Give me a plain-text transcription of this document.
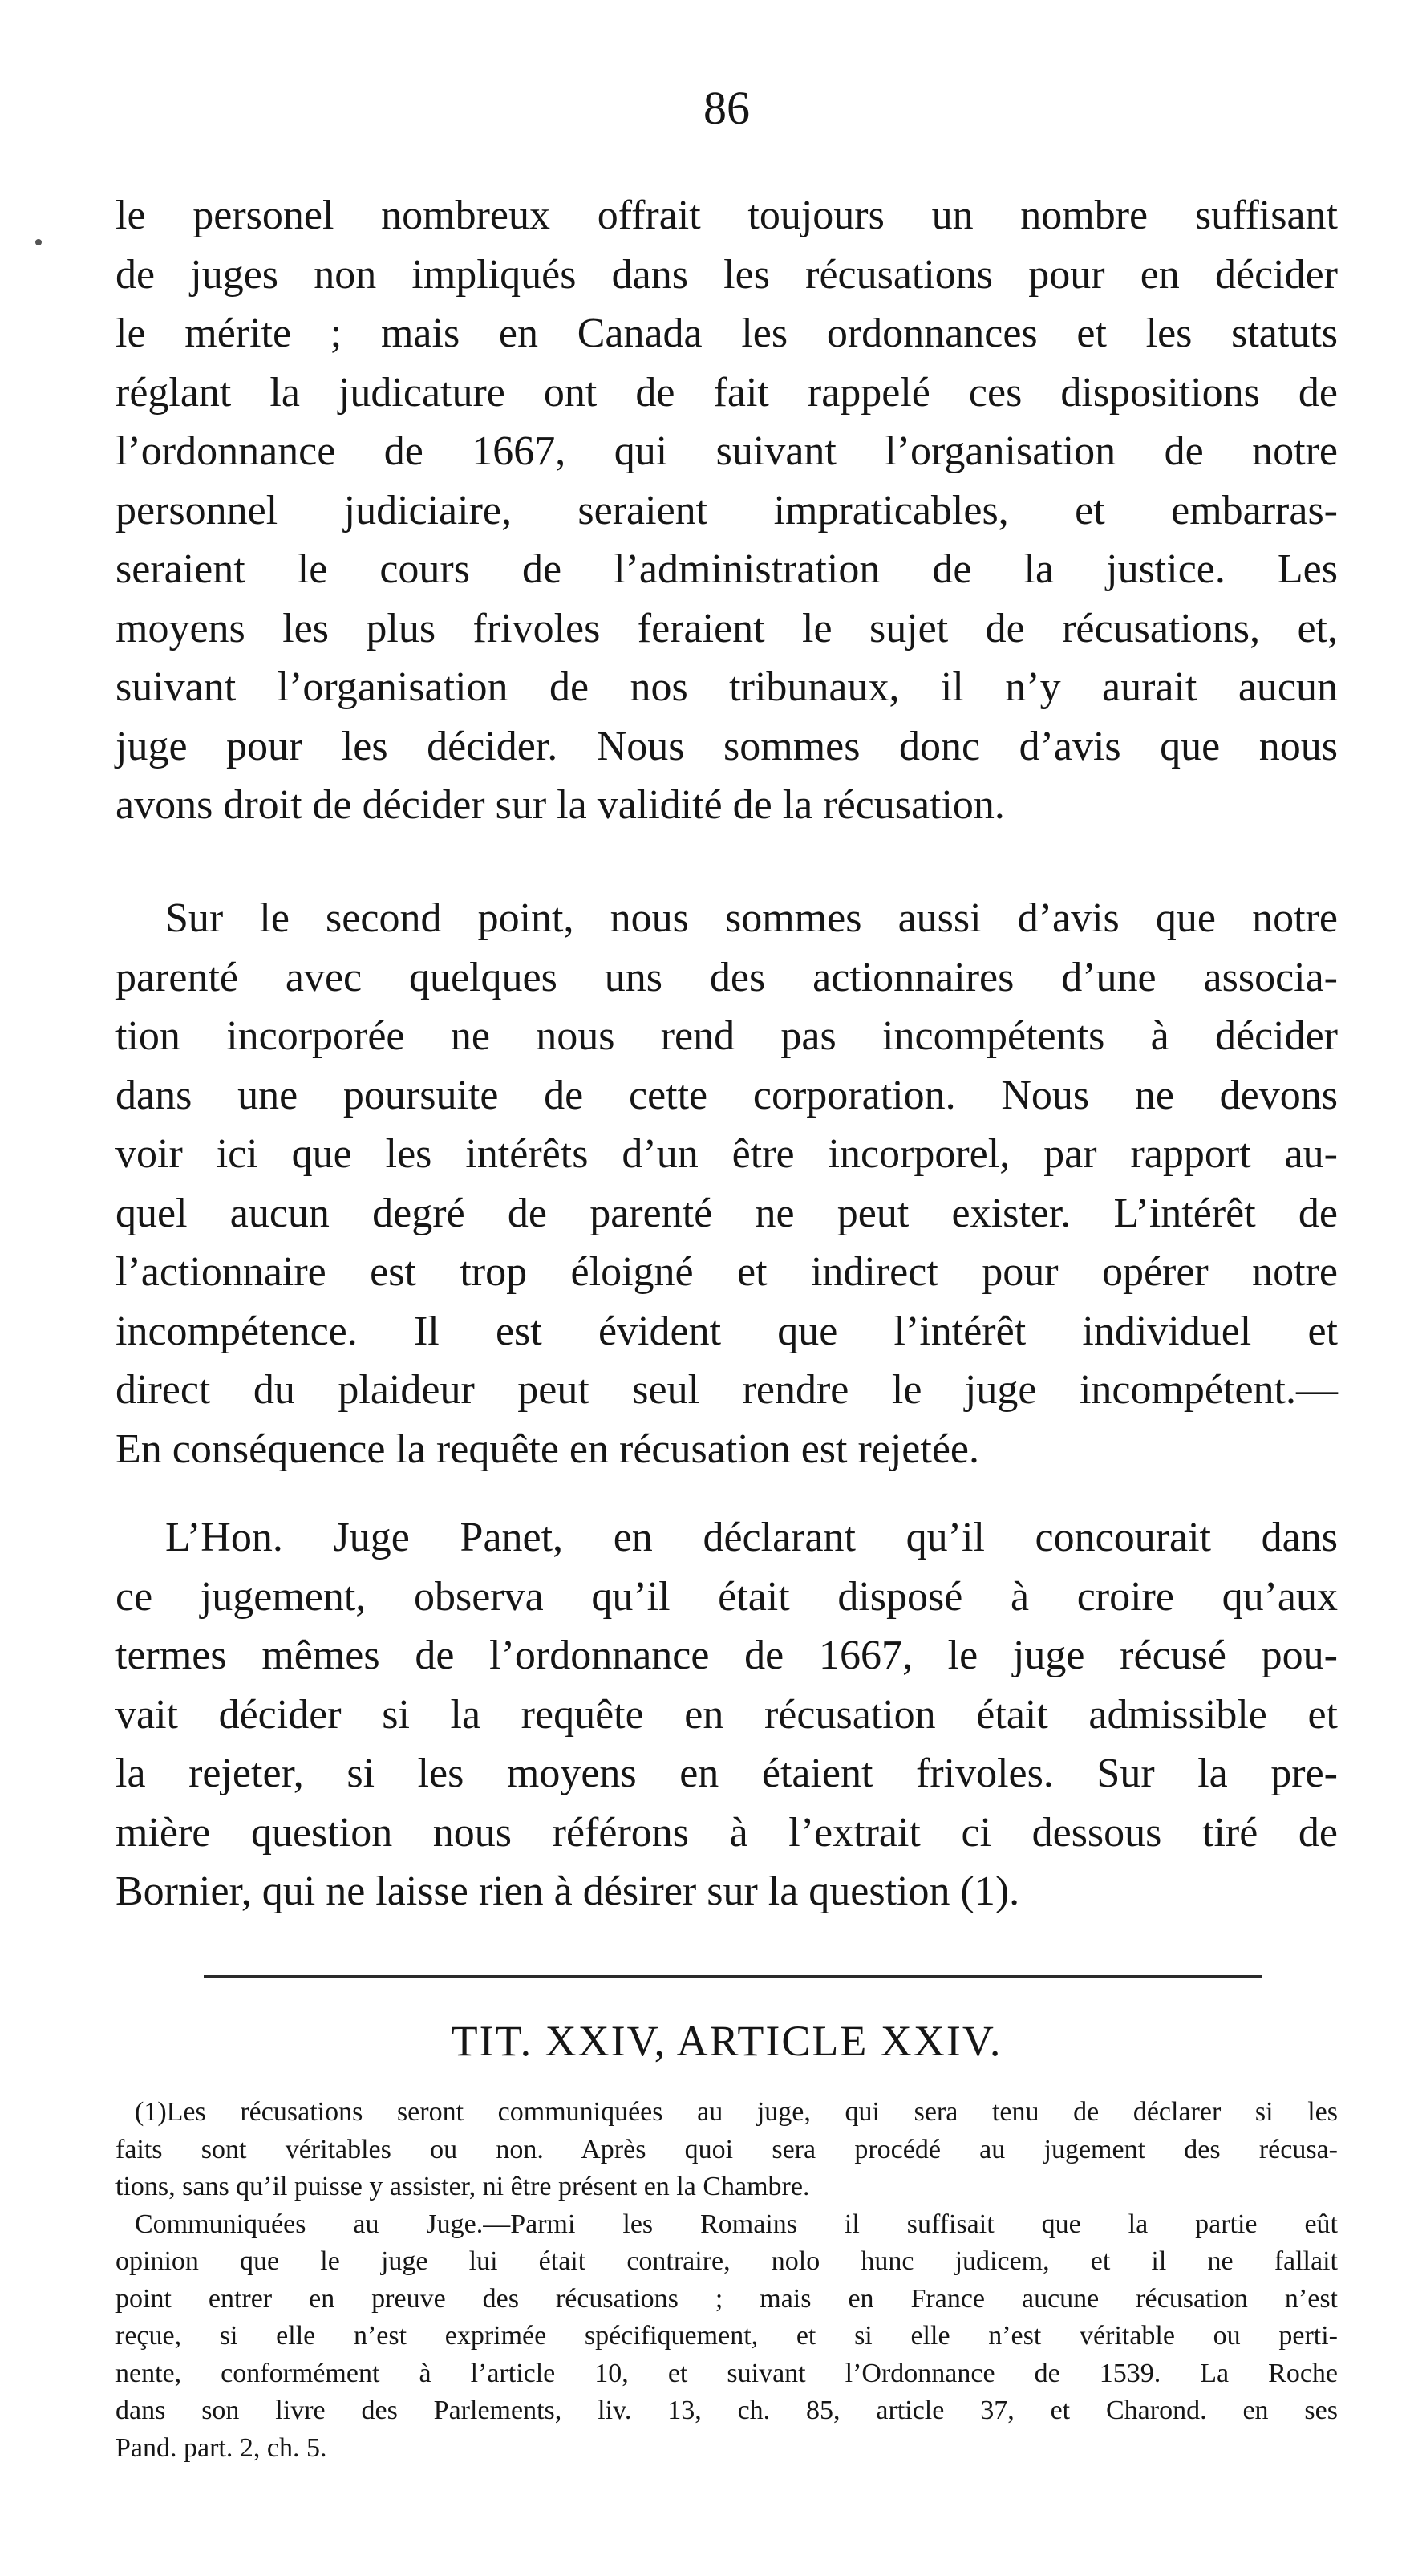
86
le personel nombreux offrait toujours un nombre suffisant
de juges non impliqués dans les récusations pour en décider
le mérite ; mais en Canada les ordonnances et les statuts
réglant la judicature ont de fait rappelé ces dispositions de
l’ordonnance de 1667, qui suivant l’organisation de notre
personnel judiciaire, seraient impraticables, et embarras-
seraient le cours de l’administration de la justice. Les
moyens les plus frivoles feraient le sujet de récusations, et,
suivant l’organisation de nos tribunaux, il n’y aurait aucun
juge pour les décider. Nous sommes donc d’avis que nous
avons droit de décider sur la validité de la récusation.
Sur le second point, nous sommes aussi d’avis que notre
parenté avec quelques uns des actionnaires d’une associa-
tion incorporée ne nous rend pas incompétents à décider
dans une poursuite de cette corporation. Nous ne devons
voir ici que les intérêts d’un être incorporel, par rapport au-
quel aucun degré de parenté ne peut exister. L’intérêt de
l’actionnaire est trop éloigné et indirect pour opérer notre
incompétence. Il est évident que l’intérêt individuel et
direct du plaideur peut seul rendre le juge incompétent.—
En conséquence la requête en récusation est rejetée.
L’Hon. Juge Panet, en déclarant qu’il concourait dans
ce jugement, observa qu’il était disposé à croire qu’aux
termes mêmes de l’ordonnance de 1667, le juge récusé pou-
vait décider si la requête en récusation était admissible et
la rejeter, si les moyens en étaient frivoles. Sur la pre-
mière question nous référons à l’extrait ci dessous tiré de
Bornier, qui ne laisse rien à désirer sur la question (1).
TIT. XXIV, ARTICLE XXIV.
(1)Les récusations seront communiquées au juge, qui sera tenu de déclarer si les
faits sont véritables ou non. Après quoi sera procédé au jugement des récusa-
tions, sans qu’il puisse y assister, ni être présent en la Chambre.
Communiquées au Juge.—Parmi les Romains il suffisait que la partie eût
opinion que le juge lui était contraire, nolo hunc judicem, et il ne fallait
point entrer en preuve des récusations ; mais en France aucune récusation n’est
reçue, si elle n’est exprimée spécifiquement, et si elle n’est véritable ou perti-
nente, conformément à l’article 10, et suivant l’Ordonnance de 1539. La Roche
dans son livre des Parlements, liv. 13, ch. 85, article 37, et Charond. en ses
Pand. part. 2, ch. 5.
